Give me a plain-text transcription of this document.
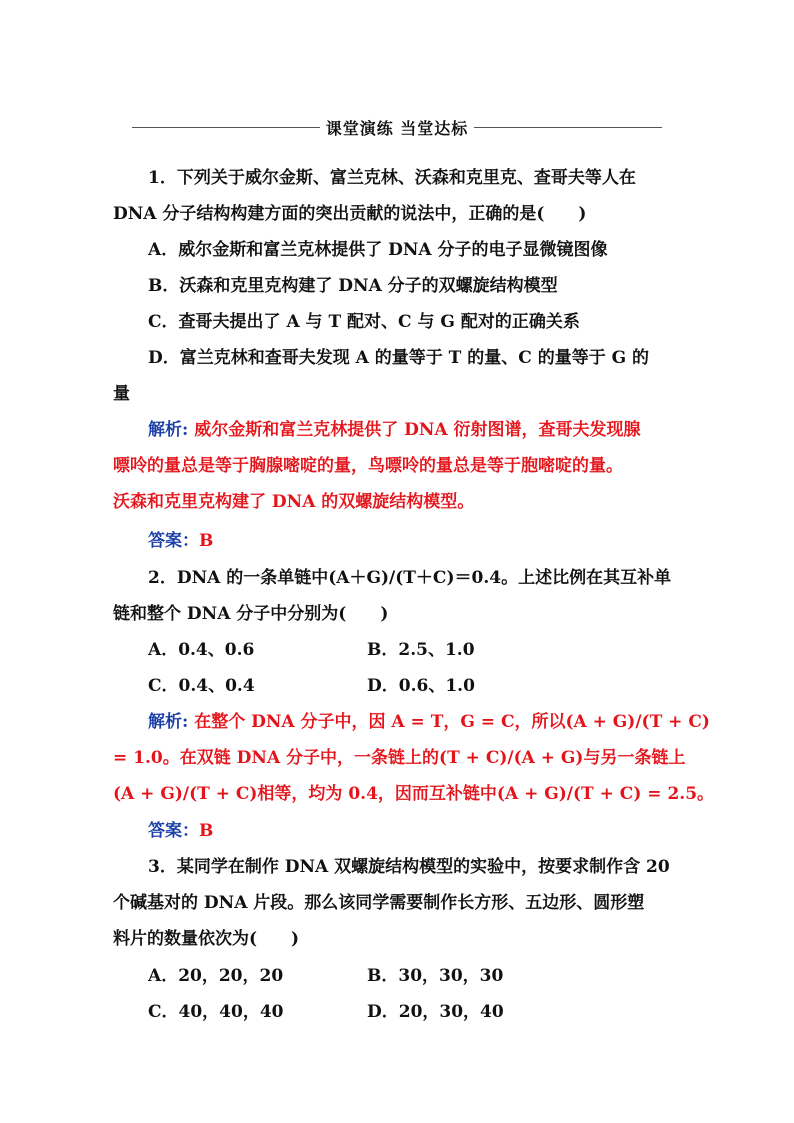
课堂演练 当堂达标
1．下列关于威尔金斯、富兰克林、沃森和克里克、查哥夫等人在
DNA 分子结构构建方面的突出贡献的说法中，正确的是(　　)
A．威尔金斯和富兰克林提供了 DNA 分子的电子显微镜图像
B．沃森和克里克构建了 DNA 分子的双螺旋结构模型
C．查哥夫提出了 A 与 T 配对、C 与 G 配对的正确关系
D．富兰克林和查哥夫发现 A 的量等于 T 的量、C 的量等于 G 的
量
解析: 威尔金斯和富兰克林提供了 DNA 衍射图谱，查哥夫发现腺
嘌呤的量总是等于胸腺嘧啶的量，鸟嘌呤的量总是等于胞嘧啶的量。
沃森和克里克构建了 DNA 的双螺旋结构模型。
答案：B
2．DNA 的一条单链中(A＋G)/(T＋C)＝0.4。上述比例在其互补单
链和整个 DNA 分子中分别为(　　)
A．0.4、0.6	B．2.5、1.0
C．0.4、0.4	D．0.6、1.0
解析: 在整个 DNA 分子中，因 A = T，G = C，所以(A + G)/(T + C)
= 1.0。在双链 DNA 分子中，一条链上的(T + C)/(A + G)与另一条链上
(A + G)/(T + C)相等，均为 0.4，因而互补链中(A + G)/(T + C) = 2.5。
答案：B
3．某同学在制作 DNA 双螺旋结构模型的实验中，按要求制作含 20
个碱基对的 DNA 片段。那么该同学需要制作长方形、五边形、圆形塑
料片的数量依次为(　　)
A．20，20，20	B．30，30，30
C．40，40，40	D．20，30，40
